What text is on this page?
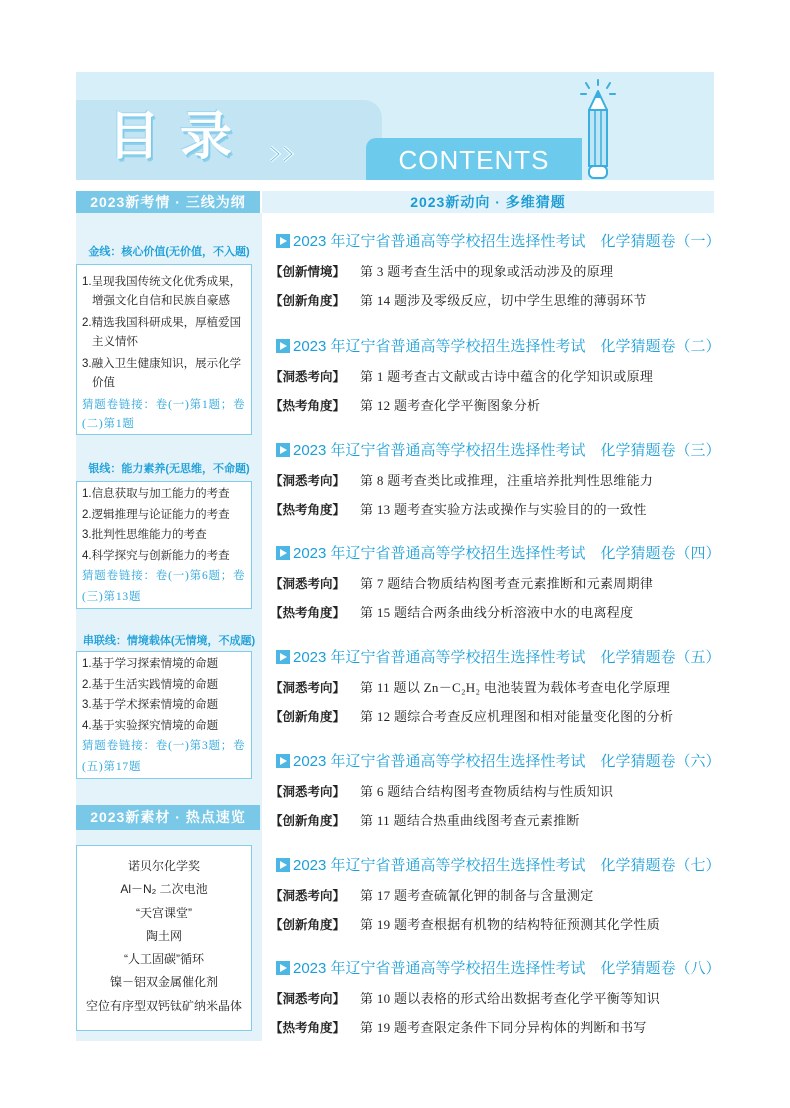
目录	CONTENTS
2023新考情 · 三线为纲	2023新动向 · 多维猜题
金线：核心价值(无价值，不入题)
1.呈现我国传统文化优秀成果，
增强文化自信和民族自豪感
2.精选我国科研成果，厚植爱国
主义情怀
3.融入卫生健康知识，展示化学
价值
猜题卷链接：卷(一)第1题；卷
(二)第1题
银线：能力素养(无思维，不命题)
1.信息获取与加工能力的考查
2.逻辑推理与论证能力的考查
3.批判性思维能力的考查
4.科学探究与创新能力的考查
猜题卷链接：卷(一)第6题；卷
(三)第13题
串联线：情境载体(无情境，不成题)
1.基于学习探索情境的命题
2.基于生活实践情境的命题
3.基于学术探索情境的命题
4.基于实验探究情境的命题
猜题卷链接：卷(一)第3题；卷
(五)第17题
2023新素材 · 热点速览
诺贝尔化学奖
Al－N₂ 二次电池
“天宫课堂”
陶土网
“人工固碳”循环
镍－铝双金属催化剂
空位有序型双钙钛矿纳米晶体
2023 年辽宁省普通高等学校招生选择性考试　化学猜题卷（一）
【创新情境】 第 3 题考查生活中的现象或活动涉及的原理
【创新角度】 第 14 题涉及零级反应，切中学生思维的薄弱环节
2023 年辽宁省普通高等学校招生选择性考试　化学猜题卷（二）
【洞悉考向】 第 1 题考查古文献或古诗中蕴含的化学知识或原理
【热考角度】 第 12 题考查化学平衡图象分析
2023 年辽宁省普通高等学校招生选择性考试　化学猜题卷（三）
【洞悉考向】 第 8 题考查类比或推理，注重培养批判性思维能力
【热考角度】 第 13 题考查实验方法或操作与实验目的的一致性
2023 年辽宁省普通高等学校招生选择性考试　化学猜题卷（四）
【洞悉考向】 第 7 题结合物质结构图考查元素推断和元素周期律
【热考角度】 第 15 题结合两条曲线分析溶液中水的电离程度
2023 年辽宁省普通高等学校招生选择性考试　化学猜题卷（五）
【洞悉考向】 第 11 题以 Zn－C₂H₂ 电池装置为载体考查电化学原理
【创新角度】 第 12 题综合考查反应机理图和相对能量变化图的分析
2023 年辽宁省普通高等学校招生选择性考试　化学猜题卷（六）
【洞悉考向】 第 6 题结合结构图考查物质结构与性质知识
【创新角度】 第 11 题结合热重曲线图考查元素推断
2023 年辽宁省普通高等学校招生选择性考试　化学猜题卷（七）
【洞悉考向】 第 17 题考查硫氰化钾的制备与含量测定
【创新角度】 第 19 题考查根据有机物的结构特征预测其化学性质
2023 年辽宁省普通高等学校招生选择性考试　化学猜题卷（八）
【洞悉考向】 第 10 题以表格的形式给出数据考查化学平衡等知识
【热考角度】 第 19 题考查限定条件下同分异构体的判断和书写
